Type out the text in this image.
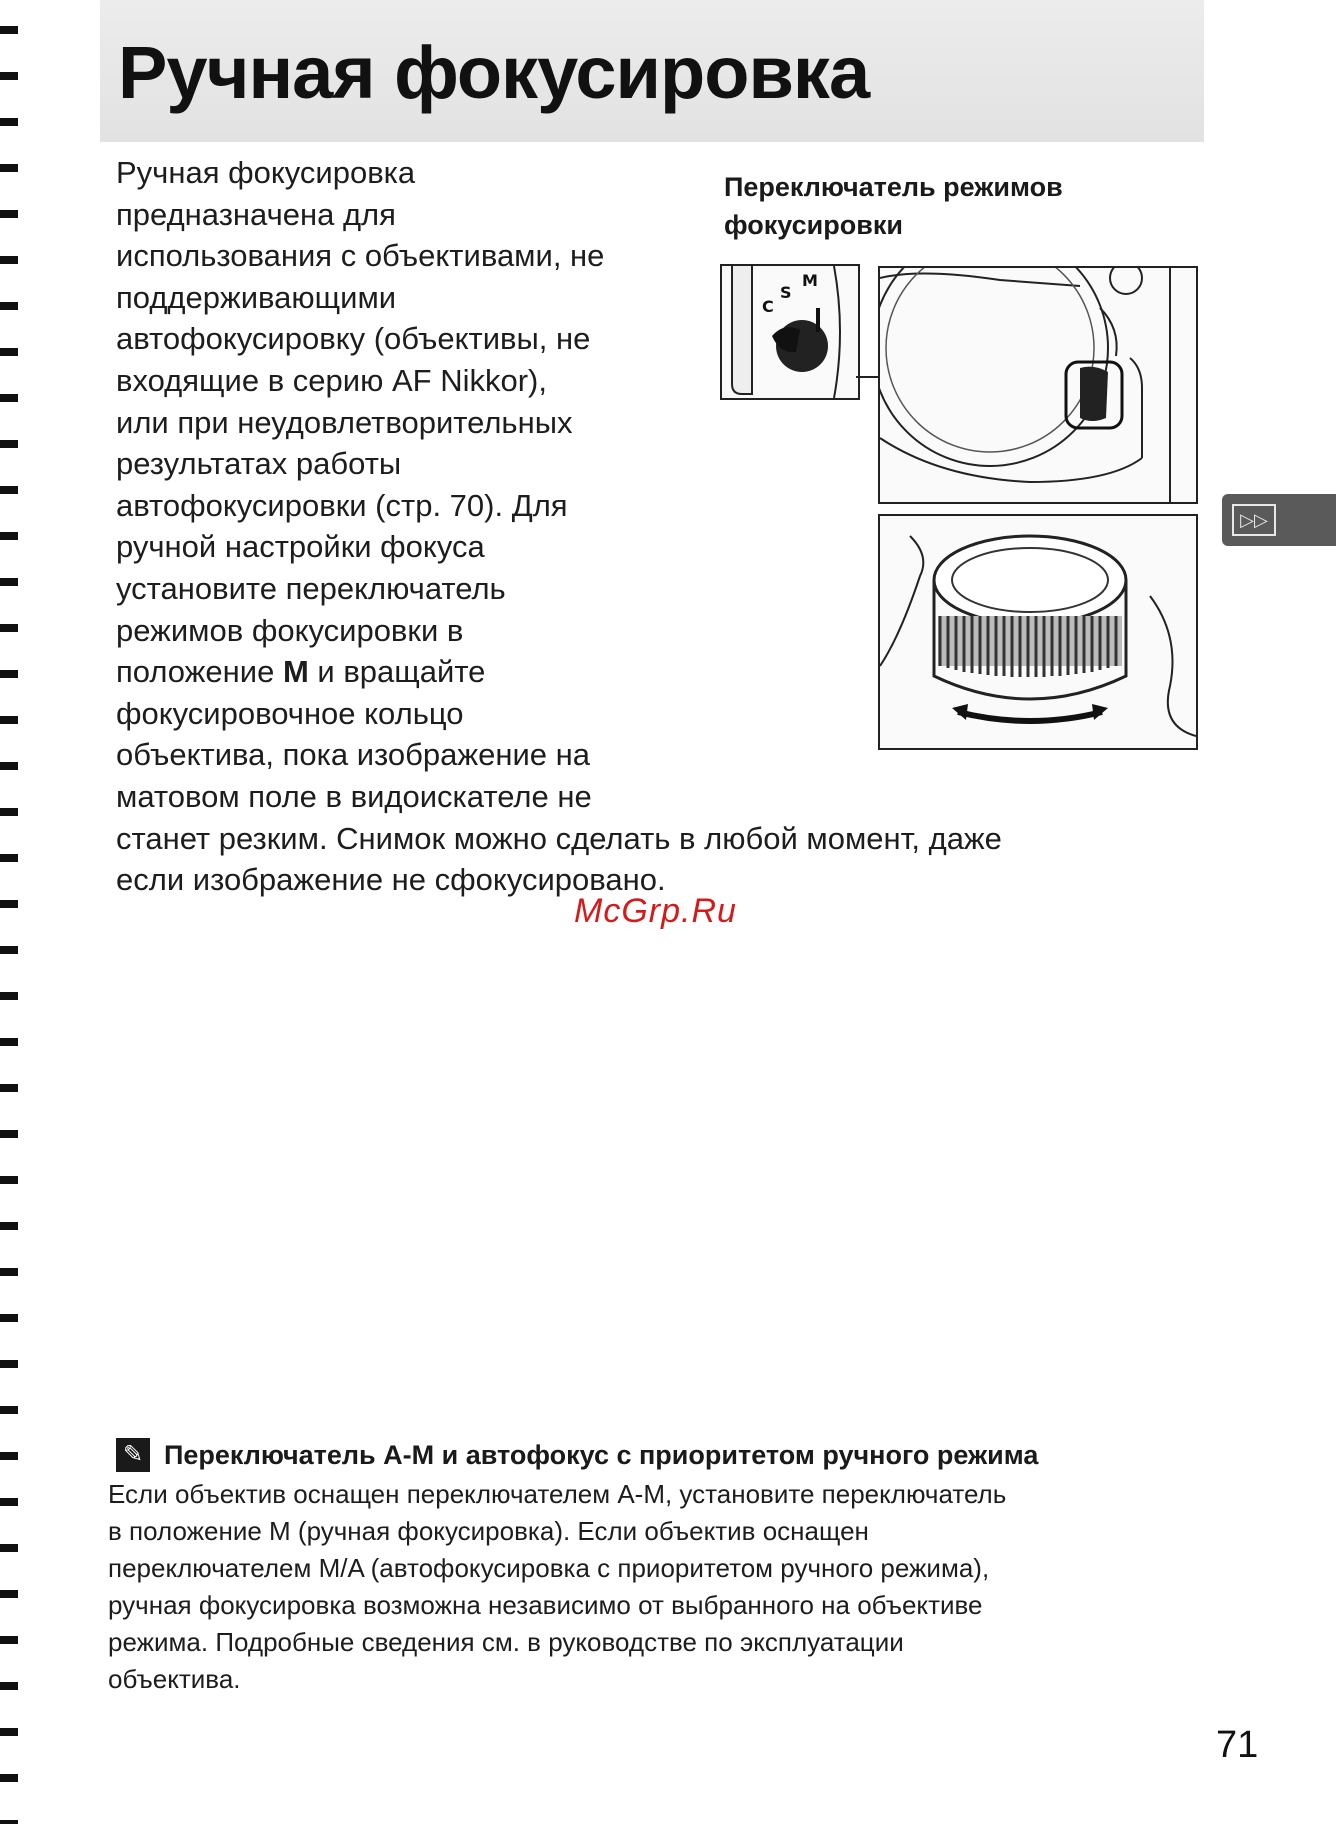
Ручная фокусировка
Ручная фокусировка
предназначена для
использования с объективами, не
поддерживающими
автофокусировку (объективы, не
входящие в серию AF Nikkor),
или при неудовлетворительных
результатах работы
автофокусировки (стр. 70). Для
ручной настройки фокуса
установите переключатель
режимов фокусировки в
положение M и вращайте
фокусировочное кольцо
объектива, пока изображение на
матовом поле в видоискателе не
станет резким. Снимок можно сделать в любой момент, даже
если изображение не сфокусировано.
Переключатель режимов
фокусировки
C
S
M
▷▷
McGrp.Ru
✎ Переключатель A-M и автофокус с приоритетом ручного режима
Если объектив оснащен переключателем A-M, установите переключатель
в положение M (ручная фокусировка). Если объектив оснащен
переключателем M/A (автофокусировка с приоритетом ручного режима),
ручная фокусировка возможна независимо от выбранного на объективе
режима. Подробные сведения см. в руководстве по эксплуатации
объектива.
71
